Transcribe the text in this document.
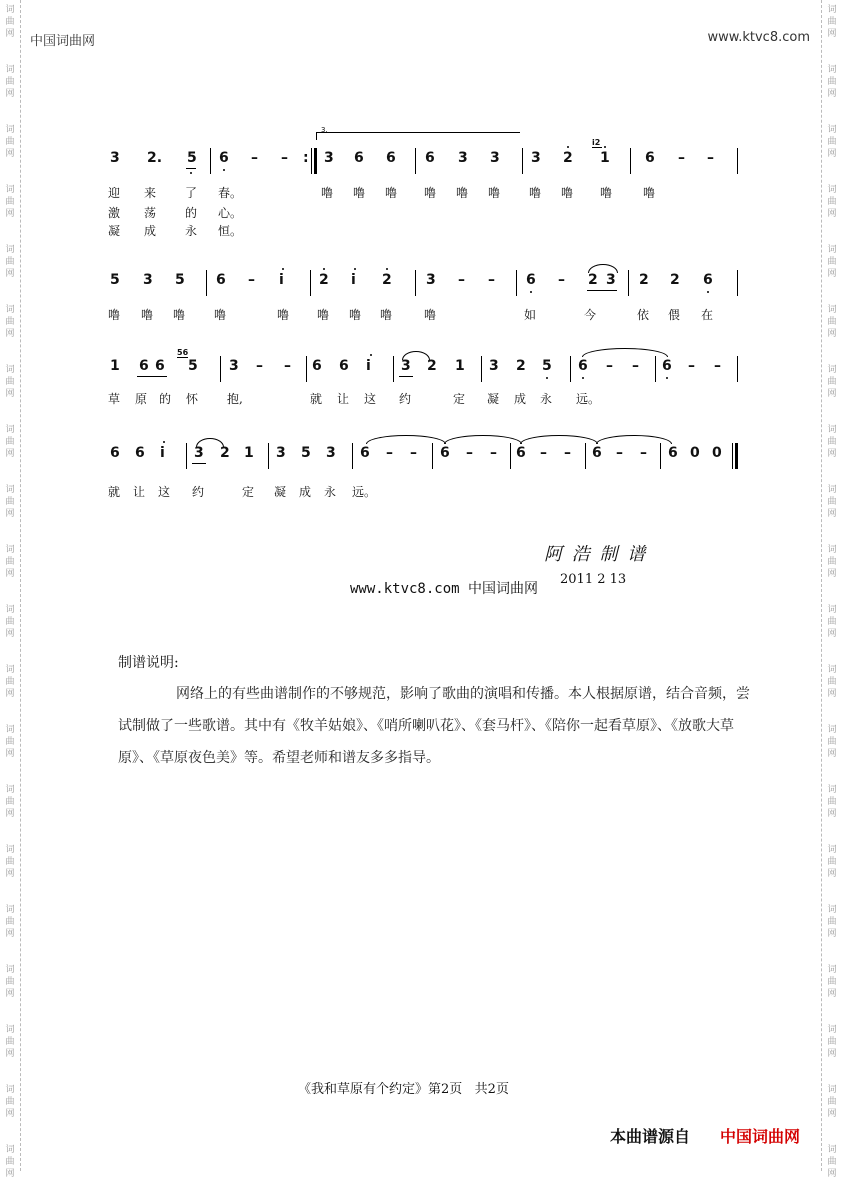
词
曲
网
词
曲
网
词
曲
网
词
曲
网
词
曲
网
词
曲
网
词
曲
网
词
曲
网
词
曲
网
词
曲
网
词
曲
网
词
曲
网
词
曲
网
词
曲
网
词
曲
网
词
曲
网
词
曲
网
词
曲
网
词
曲
网
词
曲
网
词
曲
网
词
曲
网
词
曲
网
词
曲
网
词
曲
网
词
曲
网
词
曲
网
词
曲
网
词
曲
网
词
曲
网
词
曲
网
词
曲
网
词
曲
网
词
曲
网
词
曲
网
词
曲
网
词
曲
网
词
曲
网
词
曲
网
词
曲
网
中国词曲网	www.ktvc8.com
3.
3 2. 5 6 – – : 3 6 6 6 3 3 3 2
i2
1	6 – –
迎 来 了 春。	噜 噜 噜 噜 噜 噜 噜 噜 噜	噜
激 荡 的 心。
凝 成 永 恒。
5 3 5 6 – i	2 i 2 3 – – 6 – 2 3 2 2 6
噜 噜 噜 噜	噜 噜 噜 噜	噜	如	今	依 偎 在
1 6 6
56
5 3 – – 6 6 i 3 2 1 3 2 5 6 – – 6 – –
草 原 的 怀 抱,	就 让 这 约	定 凝 成 永 远。
6 6 i 3 2 1 3 5 3 6 – – 6 – – 6 – – 6 – – 6 0 0
就 让 这 约	定 凝 成 永 远。
阿 浩 制 谱
www.ktvc8.com 中国词曲网
2011 2 13
制谱说明:
网络上的有些曲谱制作的不够规范，影响了歌曲的演唱和传播。本人根据原谱，结合音频，尝试制做了一些歌谱。其中有《牧羊姑娘》、《哨所喇叭花》、《套马杆》、《陪你一起看草原》、《放歌大草原》、《草原夜色美》等。希望老师和谱友多多指导。
《我和草原有个约定》第2页   共2页
本曲谱源自 中国词曲网
